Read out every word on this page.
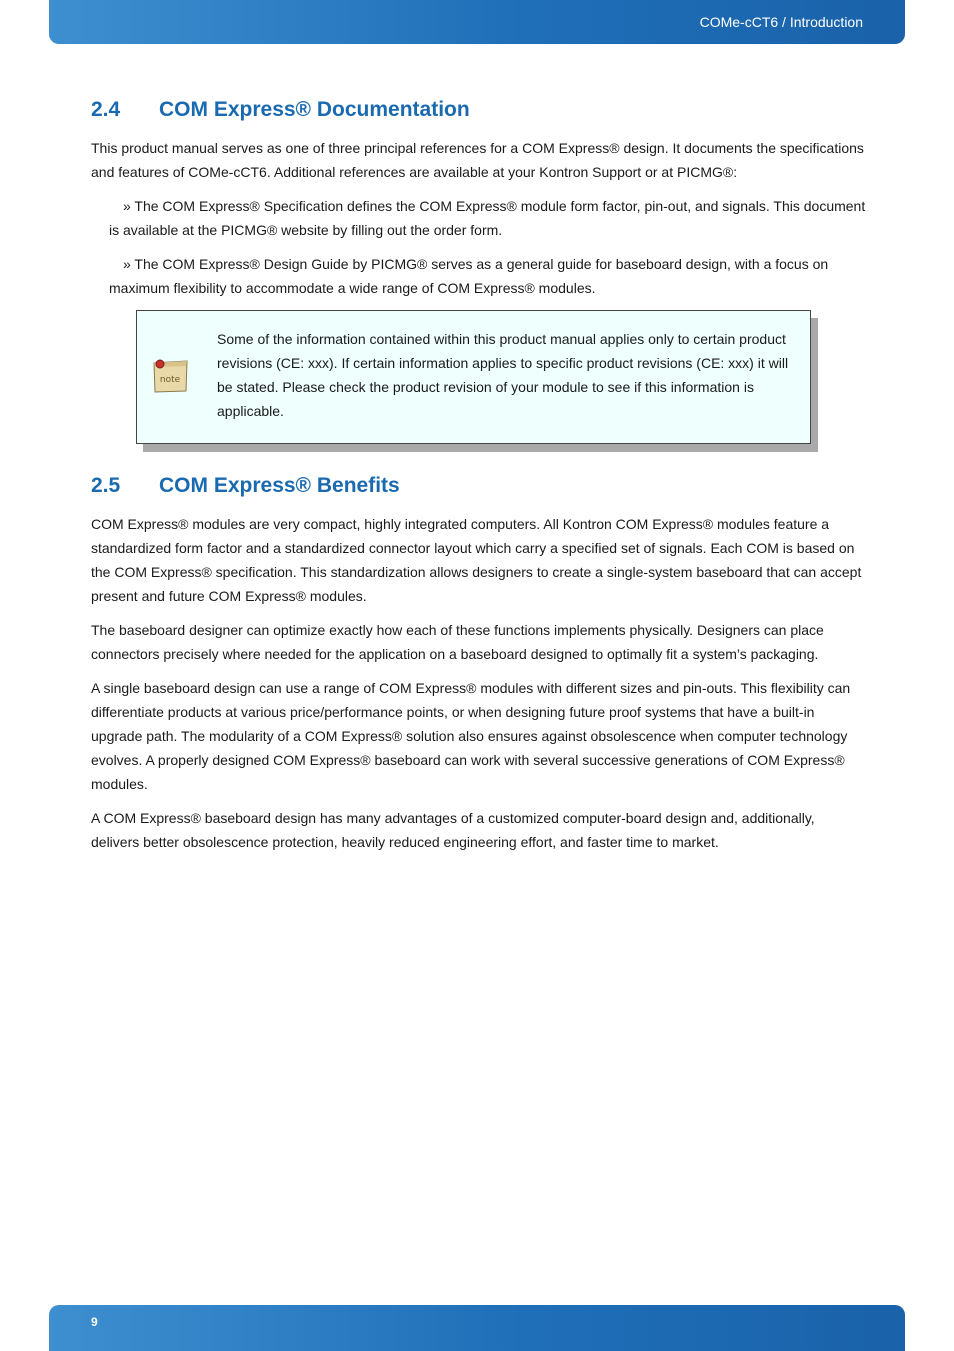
COMe-cCT6 / Introduction
2.4 COM Express® Documentation

This product manual serves as one of three principal references for a COM Express® design. It documents the specifications and features of COMe-cCT6. Additional references are available at your Kontron Support or at PICMG®:

» The COM Express® Specification defines the COM Express® module form factor, pin-out, and signals. This document is available at the PICMG® website by filling out the order form.

» The COM Express® Design Guide by PICMG® serves as a general guide for baseboard design, with a focus on maximum flexibility to accommodate a wide range of COM Express® modules.

note
Some of the information contained within this product manual applies only to certain product revisions (CE: xxx). If certain information applies to specific product revisions (CE: xxx) it will be stated. Please check the product revision of your module to see if this information is applicable.
2.5 COM Express® Benefits

COM Express® modules are very compact, highly integrated computers. All Kontron COM Express® modules feature a standardized form factor and a standardized connector layout which carry a specified set of signals. Each COM is based on the COM Express® specification. This standardization allows designers to create a single-system baseboard that can accept present and future COM Express® modules.

The baseboard designer can optimize exactly how each of these functions implements physically. Designers can place connectors precisely where needed for the application on a baseboard designed to optimally fit a system’s packaging.

A single baseboard design can use a range of COM Express® modules with different sizes and pin-outs. This flexibility can differentiate products at various price/performance points, or when designing future proof systems that have a built-in upgrade path. The modularity of a COM Express® solution also ensures against obsolescence when computer technology evolves. A properly designed COM Express® baseboard can work with several successive generations of COM Express® modules.

A COM Express® baseboard design has many advantages of a customized computer-board design and, additionally, delivers better obsolescence protection, heavily reduced engineering effort, and faster time to market.

9
